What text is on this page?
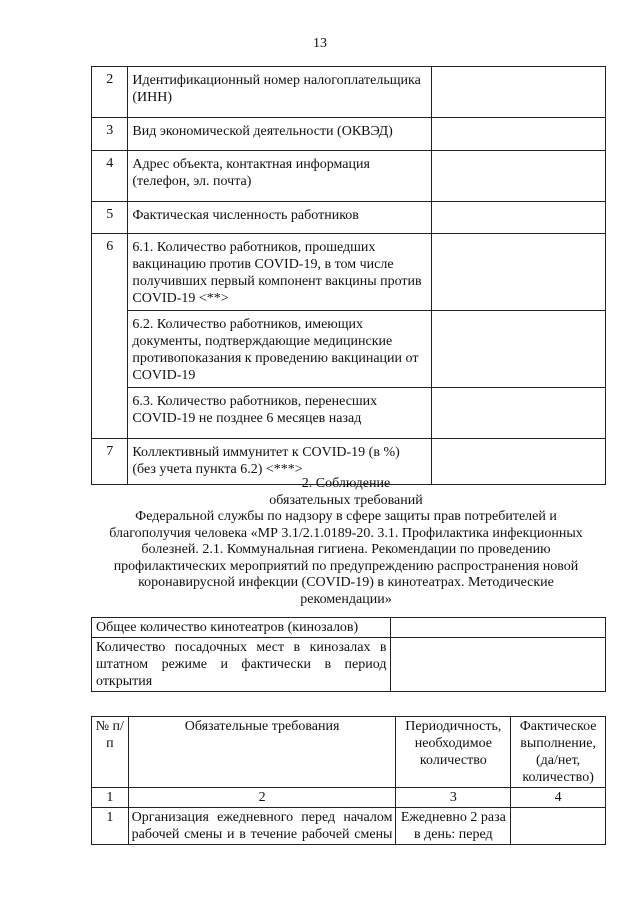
13
2	Идентификационный номер налогоплательщика (ИНН)	
3	Вид экономической деятельности (ОКВЭД)	
4	Адрес объекта, контактная информация (телефон, эл. почта)	
5	Фактическая численность работников	
6	6.1. Количество работников, прошедших вакцинацию против COVID-19, в том числе получивших первый компонент вакцины против COVID-19 <**>	
	6.2. Количество работников, имеющих документы, подтверждающие медицинские противопоказания к проведению вакцинации от COVID-19	
	6.3. Количество работников, перенесших COVID-19 не позднее 6 месяцев назад	
7	Коллективный иммунитет к COVID-19 (в %) (без учета пункта 6.2) <***>	
2. Соблюдение
обязательных требований
Федеральной службы по надзору в сфере защиты прав потребителей и
благополучия человека «МР 3.1/2.1.0189-20. 3.1. Профилактика инфекционных
болезней. 2.1. Коммунальная гигиена. Рекомендации по проведению
профилактических мероприятий по предупреждению распространения новой
коронавирусной инфекции (COVID-19) в кинотеатрах. Методические
рекомендации»
Общее количество кинотеатров (кинозалов)	
Количество посадочных мест в кинозалах в штатном режиме и фактически в период открытия	
№ п/п	Обязательные требования	Периодичность, необходимое количество	Фактическое выполнение, (да/нет, количество)
1	2	3	4
1	Организация ежедневного перед началом рабочей смены и в течение рабочей смены	Ежедневно 2 раза в день: перед	
